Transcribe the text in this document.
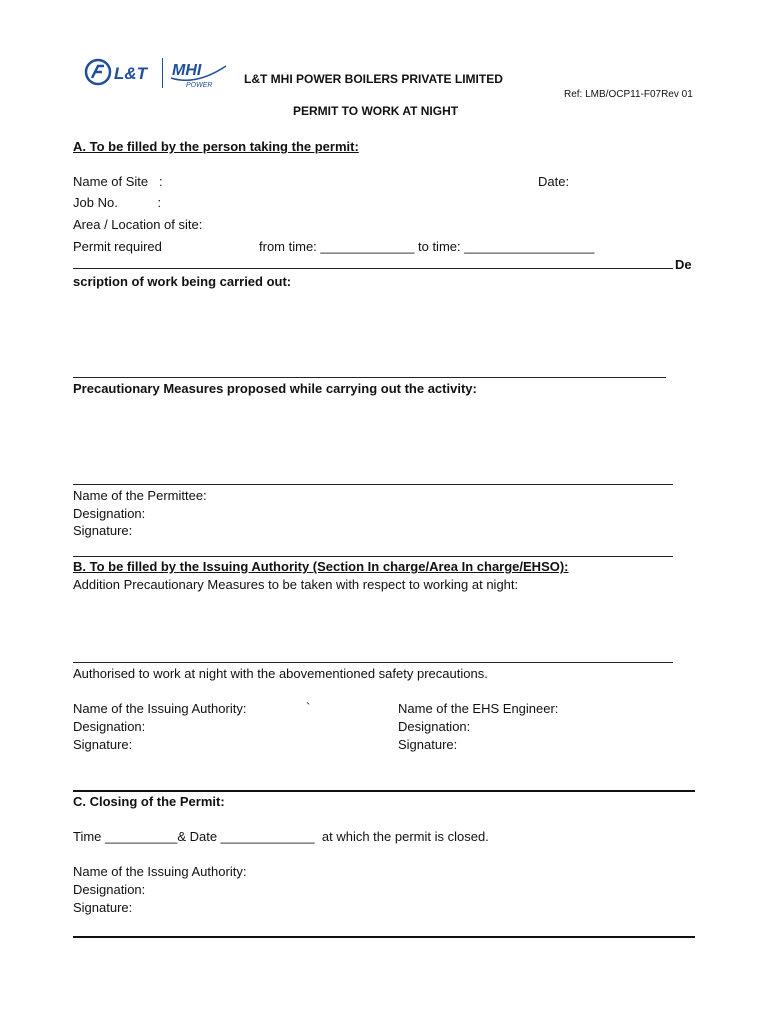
L&T MHI
POWER	L&T MHI POWER BOILERS PRIVATE LIMITED
Ref: LMB/OCP11-F07Rev 01
PERMIT TO WORK AT NIGHT
A. To be filled by the person taking the permit:
Name of Site   :	Date:
Job No.           :
Area / Location of site:
Permit required	from time: _____________ to time: __________________
De
scription of work being carried out:
Precautionary Measures proposed while carrying out the activity:
Name of the Permittee:
Designation:
Signature:
B. To be filled by the Issuing Authority (Section In charge/Area In charge/EHSO):
Addition Precautionary Measures to be taken with respect to working at night:
Authorised to work at night with the abovementioned safety precautions.
Name of the Issuing Authority:	`	Name of the EHS Engineer:
Designation:	Designation:
Signature:	Signature:
C. Closing of the Permit:
Time __________& Date _____________  at which the permit is closed.
Name of the Issuing Authority:
Designation:
Signature:
